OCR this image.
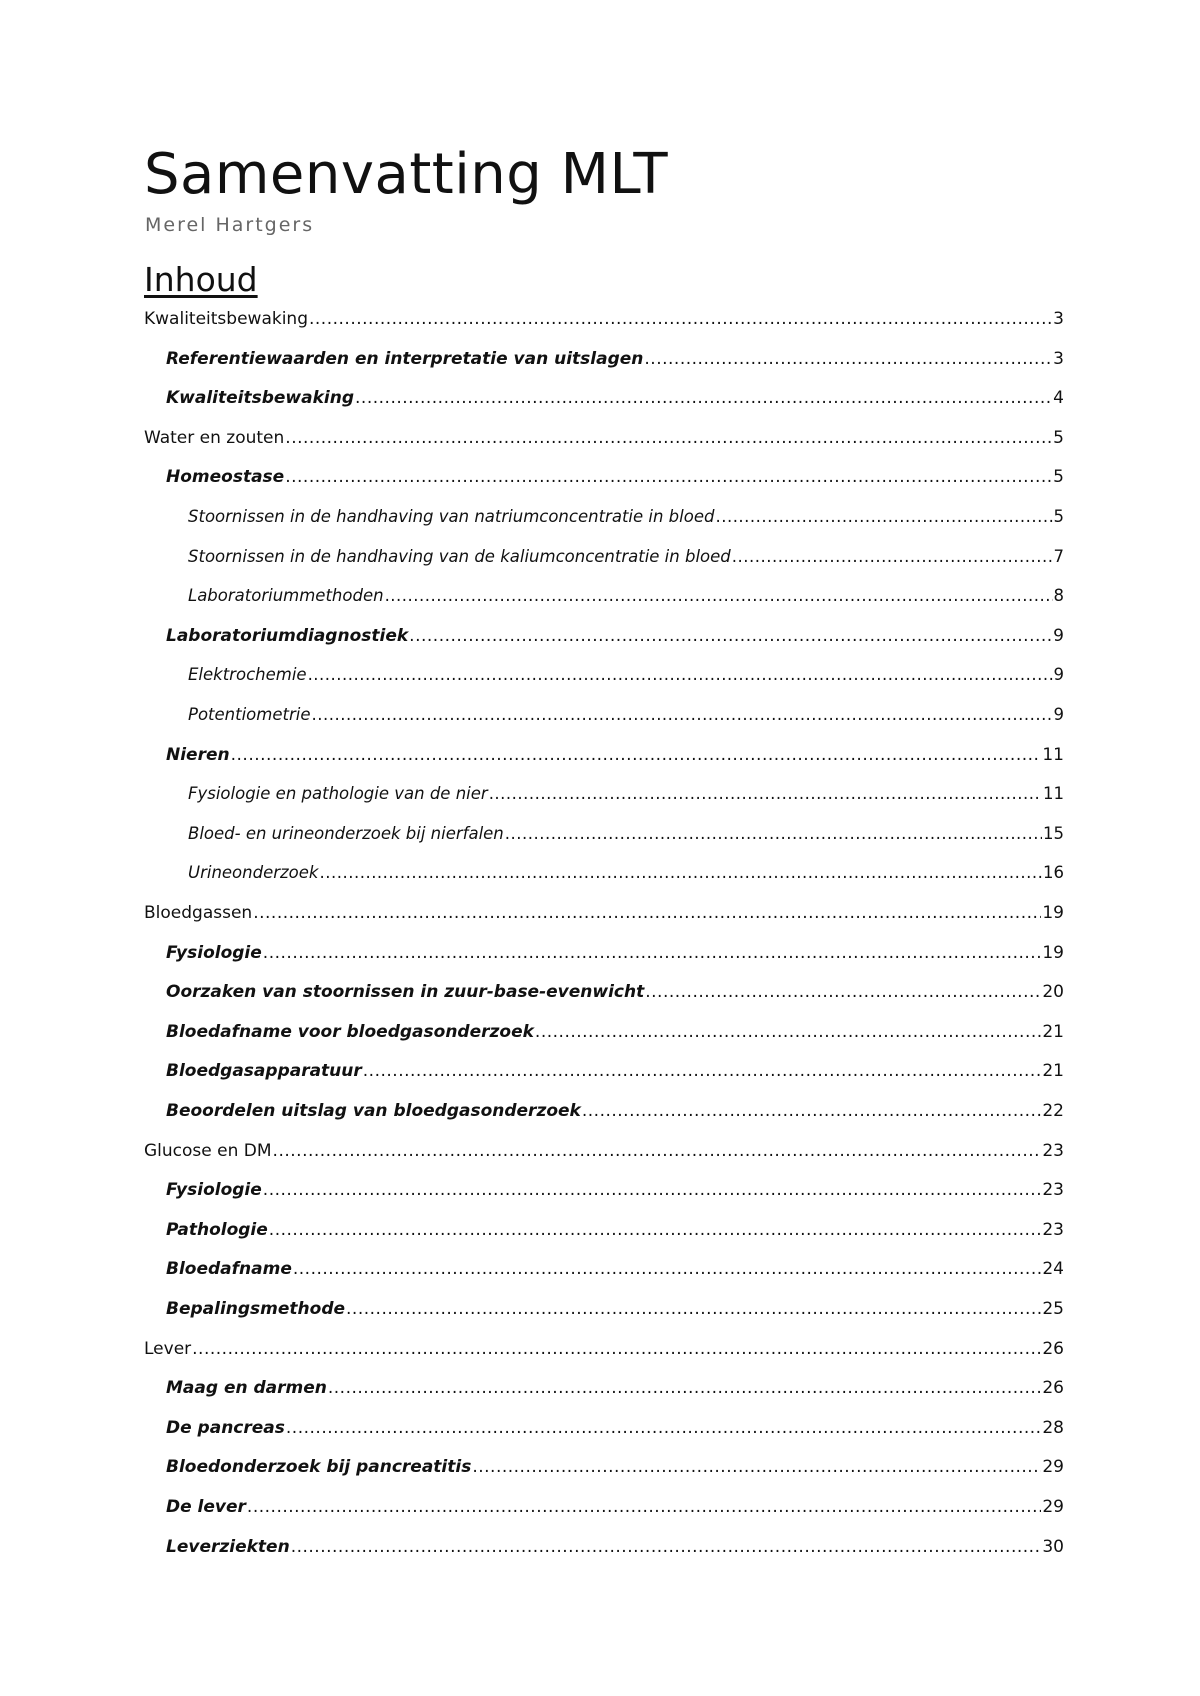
Samenvatting MLT
Merel Hartgers
Inhoud
Kwaliteitsbewaking .....	3
Referentiewaarden en interpretatie van uitslagen .....	3
Kwaliteitsbewaking .....	4
Water en zouten .....	5
Homeostase .....	5
Stoornissen in de handhaving van natriumconcentratie in bloed .....	5
Stoornissen in de handhaving van de kaliumconcentratie in bloed .....	7
Laboratoriummethoden .....	8
Laboratoriumdiagnostiek .....	9
Elektrochemie .....	9
Potentiometrie .....	9
Nieren .....	11
Fysiologie en pathologie van de nier .....	11
Bloed- en urineonderzoek bij nierfalen .....	15
Urineonderzoek .....	16
Bloedgassen .....	19
Fysiologie .....	19
Oorzaken van stoornissen in zuur-base-evenwicht .....	20
Bloedafname voor bloedgasonderzoek .....	21
Bloedgasapparatuur .....	21
Beoordelen uitslag van bloedgasonderzoek .....	22
Glucose en DM .....	23
Fysiologie .....	23
Pathologie .....	23
Bloedafname .....	24
Bepalingsmethode .....	25
Lever .....	26
Maag en darmen .....	26
De pancreas .....	28
Bloedonderzoek bij pancreatitis .....	29
De lever .....	29
Leverziekten .....	30
